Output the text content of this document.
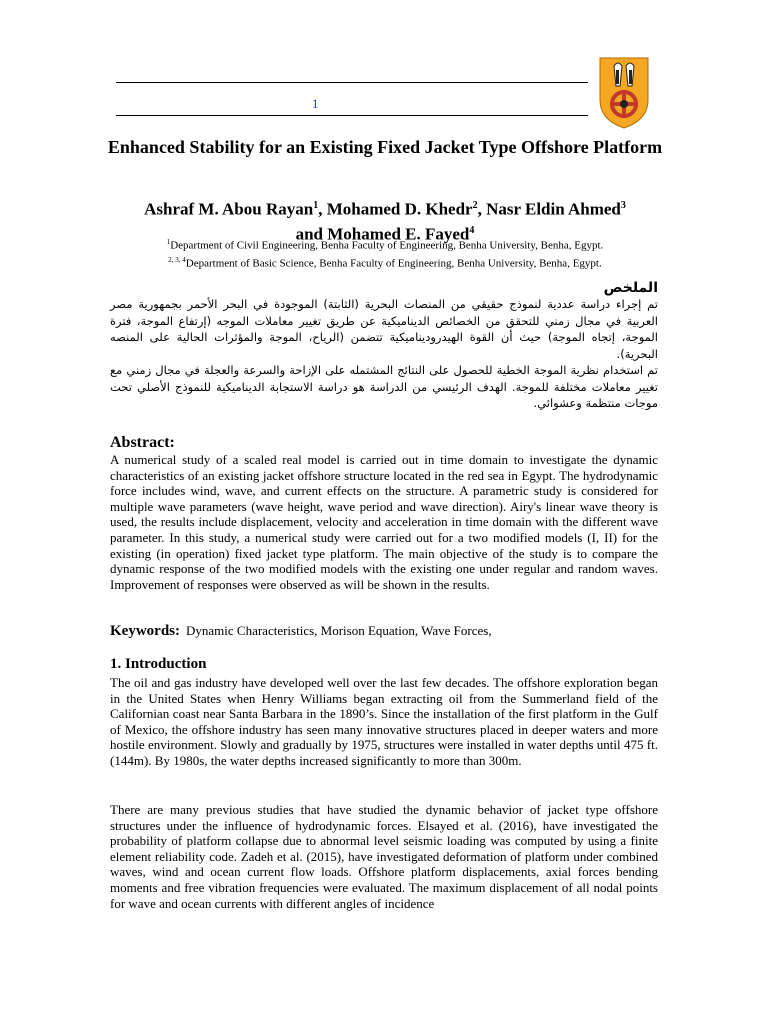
1
Enhanced Stability for an Existing Fixed Jacket Type Offshore Platform
Ashraf M. Abou Rayan$^1$, Mohamed D. Khedr$^2$, Nasr Eldin Ahmed$^3$
and Mohamed E. Fayed$^4$
$^1$Department of Civil Engineering, Benha Faculty of Engineering, Benha University, Benha, Egypt.
$^{2, 3, 4}$Department of Basic Science, Benha Faculty of Engineering, Benha University, Benha, Egypt.
الملخص

تم إجراء دراسة عددية لنموذج حقيقي من المنصات البحرية (الثابتة) الموجودة في البحر الأحمر بجمهورية مصر العربية في مجال زمني للتحقق من الخصائص الديناميكية عن طريق تغيير معاملات الموجه (إرتفاع الموجة، فترة الموجة، إتجاه الموجة) حيث أن القوة الهيدروديناميكية تتضمن (الرياح، الموجة والمؤثرات الحالية على المنصه البحرية).

تم استخدام نظرية الموجة الخطية للحصول على النتائج المشتمله على الإزاحة والسرعة والعجلة في مجال زمني مع تغيير معاملات مختلفة للموجة. الهدف الرئيسي من الدراسة هو دراسة الاستجابة الديناميكية للنموذج الأصلي تحت موجات منتظمة وعشوائي.

Abstract:
A numerical study of a scaled real model is carried out in time domain to investigate the dynamic characteristics of an existing jacket offshore structure located in the red sea in Egypt. The hydrodynamic force includes wind, wave, and current effects on the structure. A parametric study is considered for multiple wave parameters (wave height, wave period and wave direction). Airy's linear wave theory is used, the results include displacement, velocity and acceleration in time domain with the different wave parameter. In this study, a numerical study were carried out for a two modified models (I, II) for the existing (in operation) fixed jacket type platform. The main objective of the study is to compare the dynamic response of the two modified models with the existing one under regular and random waves. Improvement of responses were observed as will be shown in the results.
Keywords: Dynamic Characteristics, Morison Equation, Wave Forces,
1. Introduction
The oil and gas industry have developed well over the last few decades. The offshore exploration began in the United States when Henry Williams began extracting oil from the Summerland field of the Californian coast near Santa Barbara in the 1890’s. Since the installation of the first platform in the Gulf of Mexico, the offshore industry has seen many innovative structures placed in deeper waters and more hostile environment. Slowly and gradually by 1975, structures were installed in water depths until 475 ft. (144m). By 1980s, the water depths increased significantly to more than 300m.
There are many previous studies that have studied the dynamic behavior of jacket type offshore structures under the influence of hydrodynamic forces. Elsayed et al. (2016), have investigated the probability of platform collapse due to abnormal level seismic loading was computed by using a finite element reliability code. Zadeh et al. (2015), have investigated deformation of platform under combined waves, wind and ocean current flow loads. Offshore platform displacements, axial forces bending moments and free vibration frequencies were evaluated. The maximum displacement of all nodal points for wave and ocean currents with different angles of incidence
